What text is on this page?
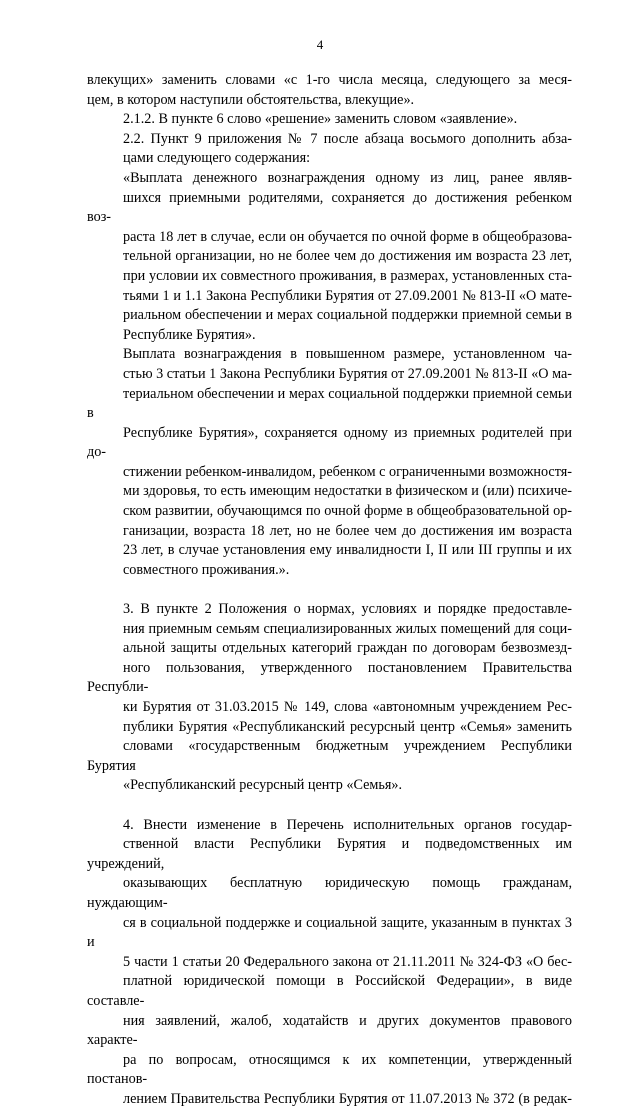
4

влекущих» заменить словами «с 1-го числа месяца, следующего за меся-
цем, в котором наступили обстоятельства, влекущие».

2.1.2. В пункте 6 слово «решение» заменить словом «заявление».

2.2. Пункт 9 приложения № 7 после абзаца восьмого дополнить абза-
цами следующего содержания:

«Выплата денежного вознаграждения одному из лиц, ранее являв-
шихся приемными родителями, сохраняется до достижения ребенком воз-
раста 18 лет в случае, если он обучается по очной форме в общеобразова-
тельной организации, но не более чем до достижения им возраста 23 лет,
при условии их совместного проживания, в размерах, установленных ста-
тьями 1 и 1.1 Закона Республики Бурятия от 27.09.2001 № 813-II «О мате-
риальном обеспечении и мерах социальной поддержки приемной семьи в
Республике Бурятия».

Выплата вознаграждения в повышенном размере, установленном ча-
стью 3 статьи 1 Закона Республики Бурятия от 27.09.2001 № 813-II «О ма-
териальном обеспечении и мерах социальной поддержки приемной семьи в
Республике Бурятия», сохраняется одному из приемных родителей при до-
стижении ребенком-инвалидом, ребенком с ограниченными возможностя-
ми здоровья, то есть имеющим недостатки в физическом и (или) психиче-
ском развитии, обучающимся по очной форме в общеобразовательной ор-
ганизации, возраста 18 лет, но не более чем до достижения им возраста
23 лет, в случае установления ему инвалидности I, II или III группы и их
совместного проживания.».

3. В пункте 2 Положения о нормах, условиях и порядке предоставле-
ния приемным семьям специализированных жилых помещений для соци-
альной защиты отдельных категорий граждан по договорам безвозмезд-
ного пользования, утвержденного постановлением Правительства Республи-
ки Бурятия от 31.03.2015 № 149, слова «автономным учреждением Рес-
публики Бурятия «Республиканский ресурсный центр «Семья» заменить
словами «государственным бюджетным учреждением Республики Бурятия
«Республиканский ресурсный центр «Семья».

4. Внести изменение в Перечень исполнительных органов государ-
ственной власти Республики Бурятия и подведомственных им учреждений,
оказывающих бесплатную юридическую помощь гражданам, нуждающим-
ся в социальной поддержке и социальной защите, указанным в пунктах 3 и
5 части 1 статьи 20 Федерального закона от 21.11.2011 № 324-ФЗ «О бес-
платной юридической помощи в Российской Федерации», в виде составле-
ния заявлений, жалоб, ходатайств и других документов правового характе-
ра по вопросам, относящимся к их компетенции, утвержденный постанов-
лением Правительства Республики Бурятия от 11.07.2013 № 372 (в редак-
